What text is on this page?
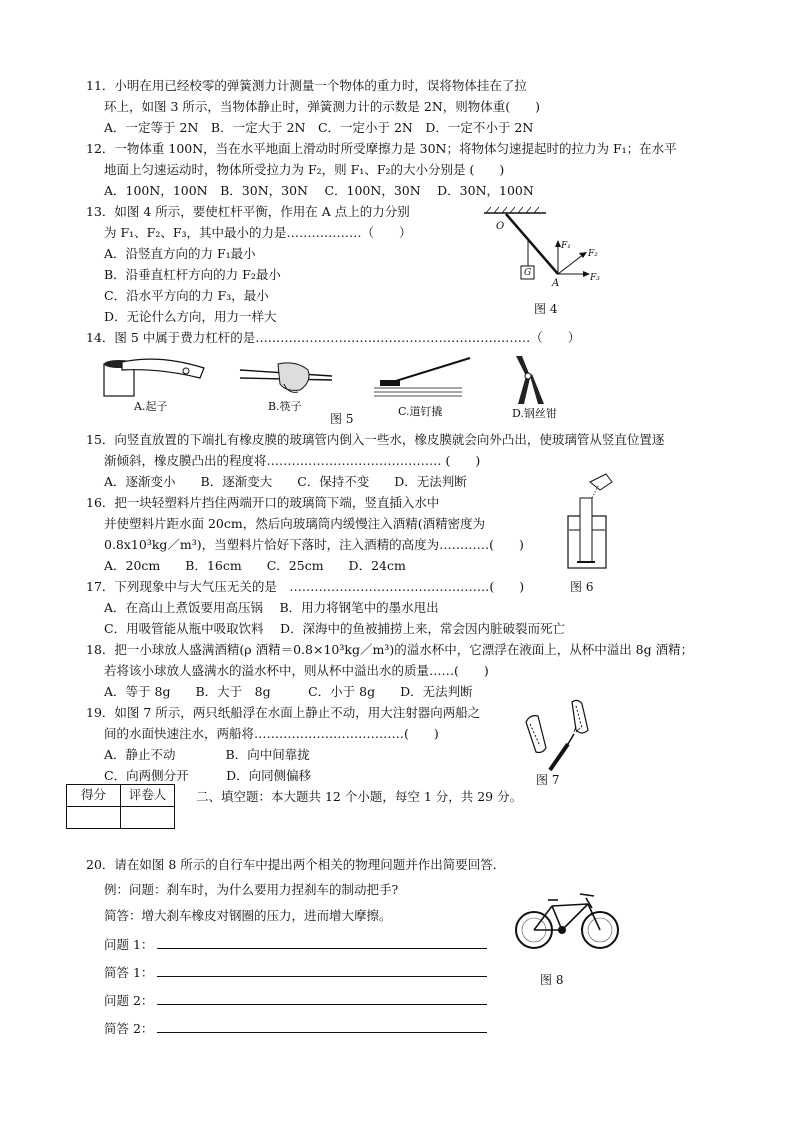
11．小明在用已经校零的弹簧测力计测量一个物体的重力时，误将物体挂在了拉
环上，如图 3 所示，当物体静止时，弹簧测力计的示数是 2N，则物体重(　　)
A．一定等于 2N　B．一定大于 2N　C．一定小于 2N　D．一定不小于 2N
12．一物体重 100N，当在水平地面上滑动时所受摩擦力是 30N；将物体匀速提起时的拉力为 F₁；在水平
地面上匀速运动时，物体所受拉力为 F₂，则 F₁、F₂的大小分别是 (　　)
A．100N，100N　B．30N，30N　 C．100N，30N　 D．30N，100N
13．如图 4 所示，要使杠杆平衡，作用在 A 点上的力分别
为 F₁、F₂、F₃，其中最小的力是………………（　　）
A．沿竖直方向的力 F₁最小
B．沿垂直杠杆方向的力 F₂最小
C．沿水平方向的力 F₃，最小
D．无论什么方向，用力一样大
O
G
A
F₁
F₂
F₃
图 4
14．图 5 中属于费力杠杆的是…………………………………………………………（　　）
A.起子	B.筷子	C.道钉撬	D.钢丝钳
图 5
15．向竖直放置的下端扎有橡皮膜的玻璃管内倒入一些水，橡皮膜就会向外凸出，使玻璃管从竖直位置逐
渐倾斜，橡皮膜凸出的程度将…………………………………… (　　)
A．逐渐变小　　B．逐渐变大　　C．保持不变　　D．无法判断
16．把一块轻塑料片挡住两端开口的玻璃筒下端，竖直插入水中
并使塑料片距水面 20cm，然后向玻璃筒内缓慢注入酒精(酒精密度为
0.8x10³kg／m³)，当塑料片恰好下落时，注入酒精的高度为…………(　　)
A．20cm　　B．16cm　　C．25cm　　D．24cm
图 6
17．下列现象中与大气压无关的是　…………………………………………(　　)
A．在高山上煮饭要用高压锅　 B．用力将钢笔中的墨水甩出
C．用吸管能从瓶中吸取饮料　 D．深海中的鱼被捕捞上来，常会因内脏破裂而死亡
18．把一小球放人盛满酒精(ρ 酒精＝0.8×10³kg／m³)的溢水杯中，它漂浮在液面上，从杯中溢出 8g 酒精；
若将该小球放人盛满水的溢水杯中，则从杯中溢出水的质量……(　　)
A．等于 8g　　B．大于　8g　　　C．小于 8g　　D．无法判断
19．如图 7 所示，两只纸船浮在水面上静止不动，用大注射器向两船之
间的水面快速注水，两船将………………………………(　　)
A．静止不动　　　　B．向中间靠拢
C．向两侧分开　　　D．向同侧偏移	图 7
得分	评卷人
	二、填空题：本大题共 12 个小题，每空 1 分，共 29 分。
20．请在如图 8 所示的自行车中提出两个相关的物理问题并作出简要回答．
例：问题：刹车时，为什么要用力捏刹车的制动把手?
简答：增大刹车橡皮对钢圈的压力，进而增大摩擦。
问题 1：
简答 1：
问题 2：
简答 2：
图 8
